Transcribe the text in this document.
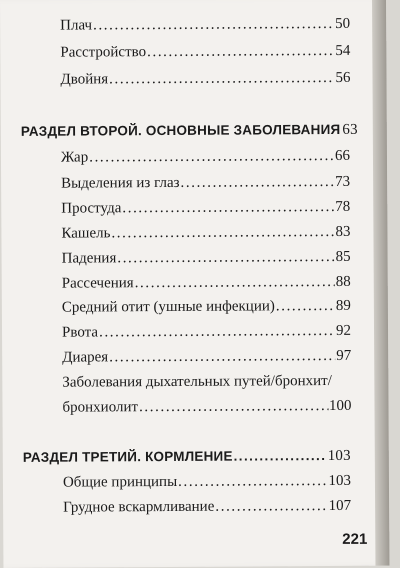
Плач .....	50
Расстройство .....	54
Двойня .....	56
РАЗДЕЛ ВТОРОЙ. ОСНОВНЫЕ ЗАБОЛЕВАНИЯ ..... 63
Жар .....	66
Выделения из глаз .....	73
Простуда .....	78
Кашель .....	83
Падения .....	85
Рассечения .....	88
Средний отит (ушные инфекции) .....	89
Рвота .....	92
Диарея .....	97
Заболевания дыхательных путей/бронхит/
бронхиолит .....	100
РАЗДЕЛ ТРЕТИЙ. КОРМЛЕНИЕ .....	103
Общие принципы .....	103
Грудное вскармливание .....	107
221
